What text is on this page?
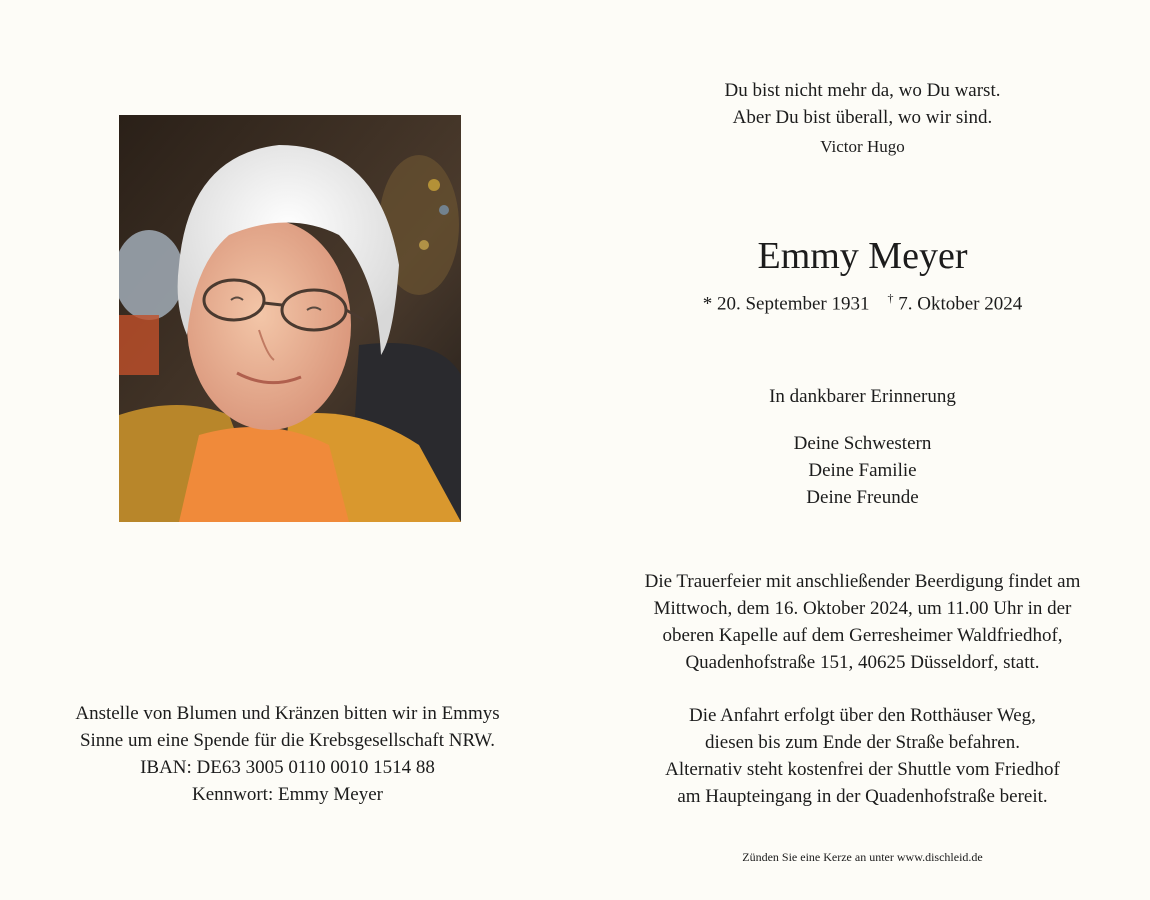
Anstelle von Blumen und Kränzen bitten wir in Emmys
Sinne um eine Spende für die Krebsgesellschaft NRW.
IBAN: DE63 3005 0110 0010 1514 88
Kennwort: Emmy Meyer
Du bist nicht mehr da, wo Du warst.
Aber Du bist überall, wo wir sind.
Victor Hugo
Emmy Meyer
* 20. September 1931 † 7. Oktober 2024
In dankbarer Erinnerung
Deine Schwestern
Deine Familie
Deine Freunde
Die Trauerfeier mit anschließender Beerdigung findet am
Mittwoch, dem 16. Oktober 2024, um 11.00 Uhr in der
oberen Kapelle auf dem Gerresheimer Waldfriedhof,
Quadenhofstraße 151, 40625 Düsseldorf, statt.
Die Anfahrt erfolgt über den Rotthäuser Weg,
diesen bis zum Ende der Straße befahren.
Alternativ steht kostenfrei der Shuttle vom Friedhof
am Haupteingang in der Quadenhofstraße bereit.
Zünden Sie eine Kerze an unter www.dischleid.de
